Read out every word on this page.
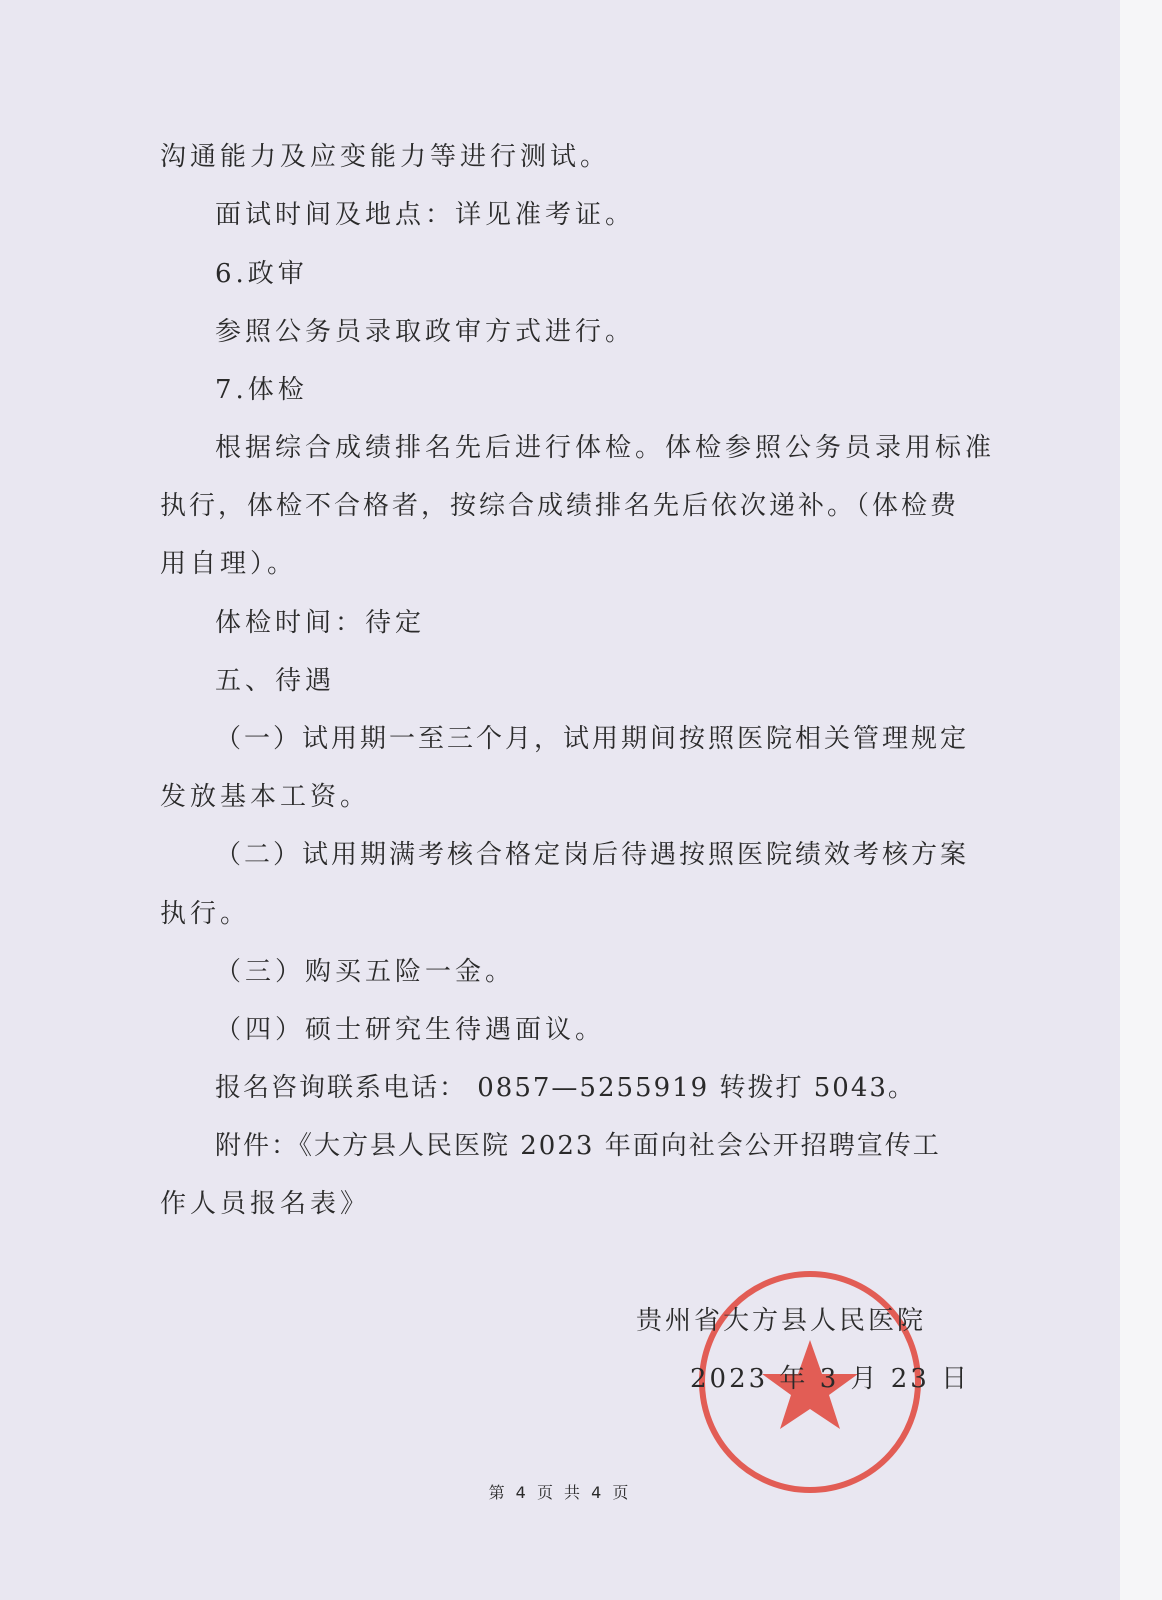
沟通能力及应变能力等进行测试。
面试时间及地点：详见准考证。
6.政审
参照公务员录取政审方式进行。
7.体检
根据综合成绩排名先后进行体检。体检参照公务员录用标准
执行，体检不合格者，按综合成绩排名先后依次递补。（体检费
用自理）。
体检时间：待定
五、待遇
（一）试用期一至三个月，试用期间按照医院相关管理规定
发放基本工资。
（二）试用期满考核合格定岗后待遇按照医院绩效考核方案
执行。
（三）购买五险一金。
（四）硕士研究生待遇面议。
报名咨询联系电话： 0857—5255919 转拨打 5043。
附件：《大方县人民医院 2023 年面向社会公开招聘宣传工
作人员报名表》
贵州省大方县人民医院
2023 年 3 月 23 日
第 4 页 共 4 页
